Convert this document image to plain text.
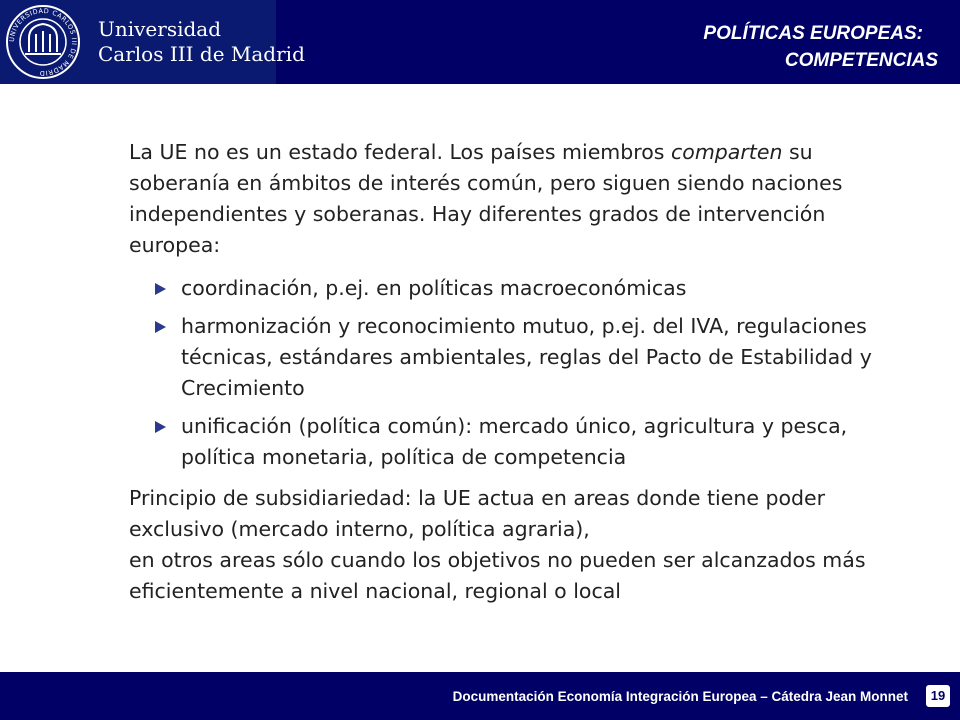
UNIVERSIDAD CARLOS III DE MADRID
Universidad
Carlos III de Madrid
POLÍTICAS EUROPEAS:
COMPETENCIAS

La UE no es un estado federal. Los países miembros comparten su soberanía en ámbitos de interés común, pero siguen siendo naciones independientes y soberanas. Hay diferentes grados de intervención europea:

coordinación, p.ej. en políticas macroeconómicas
harmonización y reconocimiento mutuo, p.ej. del IVA, regulaciones técnicas, estándares ambientales, reglas del Pacto de Estabilidad y Crecimiento
unificación (política común): mercado único, agricultura y pesca, política monetaria, política de competencia

Principio de subsidiariedad: la UE actua en areas donde tiene poder exclusivo (mercado interno, política agraria),
en otros areas sólo cuando los objetivos no pueden ser alcanzados más eficientemente a nivel nacional, regional o local

Documentación Economía Integración Europea – Cátedra Jean Monnet	19
